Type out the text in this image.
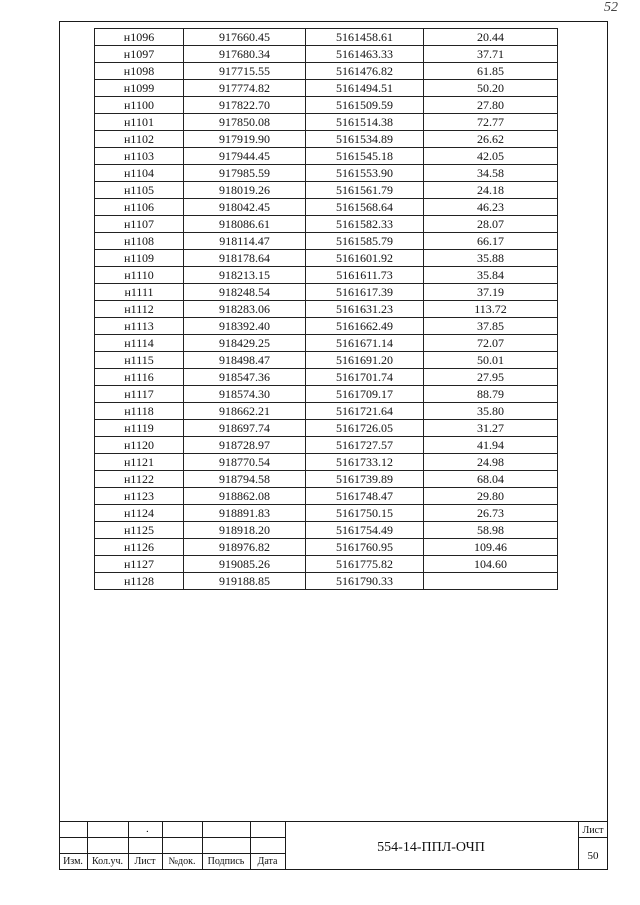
52
н1096	917660.45	5161458.61	20.44
н1097	917680.34	5161463.33	37.71
н1098	917715.55	5161476.82	61.85
н1099	917774.82	5161494.51	50.20
н1100	917822.70	5161509.59	27.80
н1101	917850.08	5161514.38	72.77
н1102	917919.90	5161534.89	26.62
н1103	917944.45	5161545.18	42.05
н1104	917985.59	5161553.90	34.58
н1105	918019.26	5161561.79	24.18
н1106	918042.45	5161568.64	46.23
н1107	918086.61	5161582.33	28.07
н1108	918114.47	5161585.79	66.17
н1109	918178.64	5161601.92	35.88
н1110	918213.15	5161611.73	35.84
н1111	918248.54	5161617.39	37.19
н1112	918283.06	5161631.23	113.72
н1113	918392.40	5161662.49	37.85
н1114	918429.25	5161671.14	72.07
н1115	918498.47	5161691.20	50.01
н1116	918547.36	5161701.74	27.95
н1117	918574.30	5161709.17	88.79
н1118	918662.21	5161721.64	35.80
н1119	918697.74	5161726.05	31.27
н1120	918728.97	5161727.57	41.94
н1121	918770.54	5161733.12	24.98
н1122	918794.58	5161739.89	68.04
н1123	918862.08	5161748.47	29.80
н1124	918891.83	5161750.15	26.73
н1125	918918.20	5161754.49	58.98
н1126	918976.82	5161760.95	109.46
н1127	919085.26	5161775.82	104.60
н1128	919188.85	5161790.33	
Изм. Кол.уч.	Лист	№док.	Подпись	Дата
.
554-14-ППЛ-ОЧП
Лист
50
